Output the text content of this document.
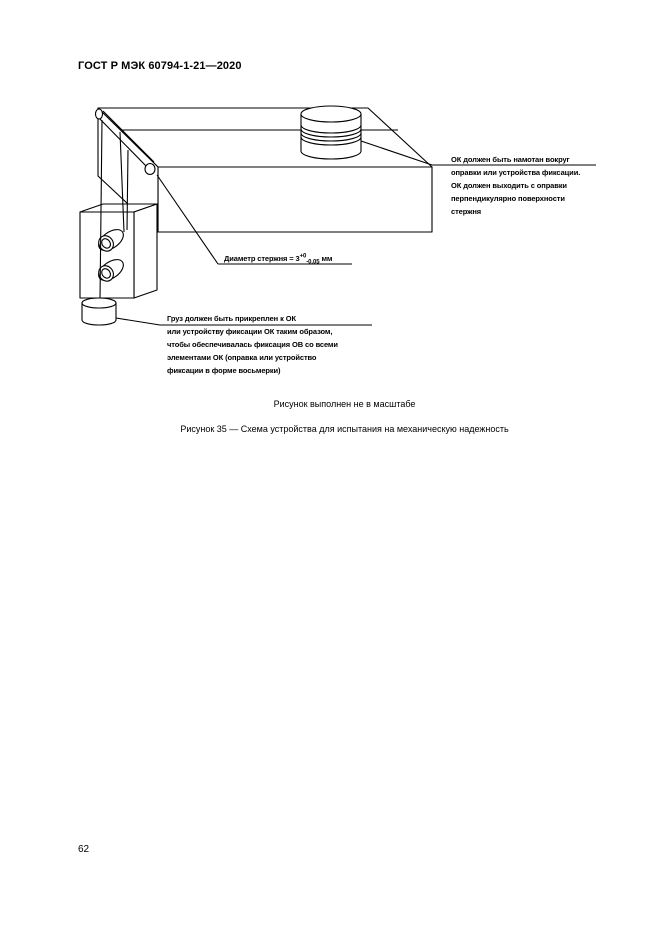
ГОСТ Р МЭК 60794-1-21—2020
ОК должен быть намотан вокруг
оправки или устройства фиксации.
ОК должен выходить с оправки
перпендикулярно поверхности
стержня
Диаметр стержня = $3^{+0}_{-0,05}$ мм
Груз должен быть прикреплен к ОК
или устройству фиксации ОК таким образом,
чтобы обеспечивалась фиксация ОВ со всеми
элементами ОК (оправка или устройство
фиксации в форме восьмерки)
Рисунок выполнен не в масштабе
Рисунок 35 — Схема устройства для испытания на механическую надежность
62
